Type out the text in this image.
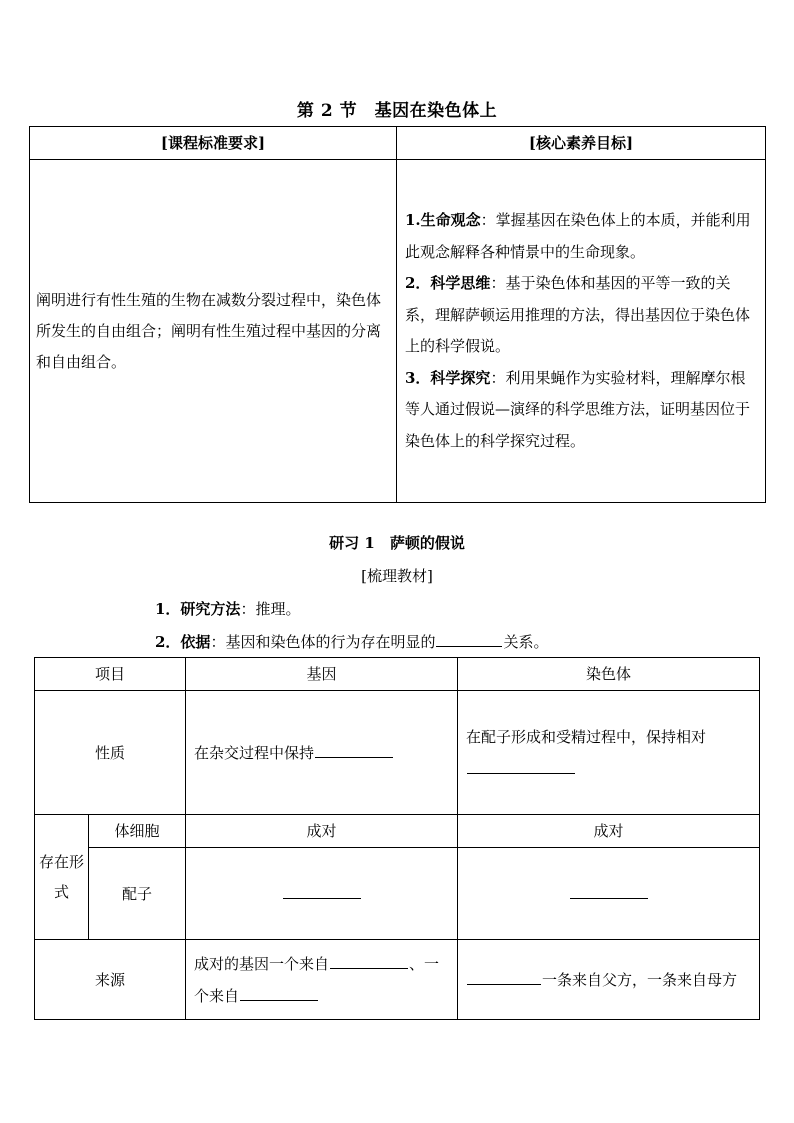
第 2 节　基因在染色体上
[课程标准要求]	[核心素养目标]
阐明进行有性生殖的生物在减数分裂过程中，染色体所发生的自由组合；阐明有性生殖过程中基因的分离和自由组合。	1.生命观念：掌握基因在染色体上的本质，并能利用此观念解释各种情景中的生命现象。

2．科学思维：基于染色体和基因的平等一致的关系，理解萨顿运用推理的方法，得出基因位于染色体上的科学假说。

3．科学探究：利用果蝇作为实验材料，理解摩尔根等人通过假说—演绎的科学思维方法，证明基因位于染色体上的科学探究过程。

研习 1　萨顿的假说
[梳理教材]
1．研究方法：推理。
2．依据：基因和染色体的行为存在明显的	关系。
项目		基因	染色体
性质		在杂交过程中保持	在配子形成和受精过程中，保持相对
存在形式	体细胞	成对	成对
	配子		
来源		成对的基因一个来自 、一个来自	一条来自父方，一条来自母方
